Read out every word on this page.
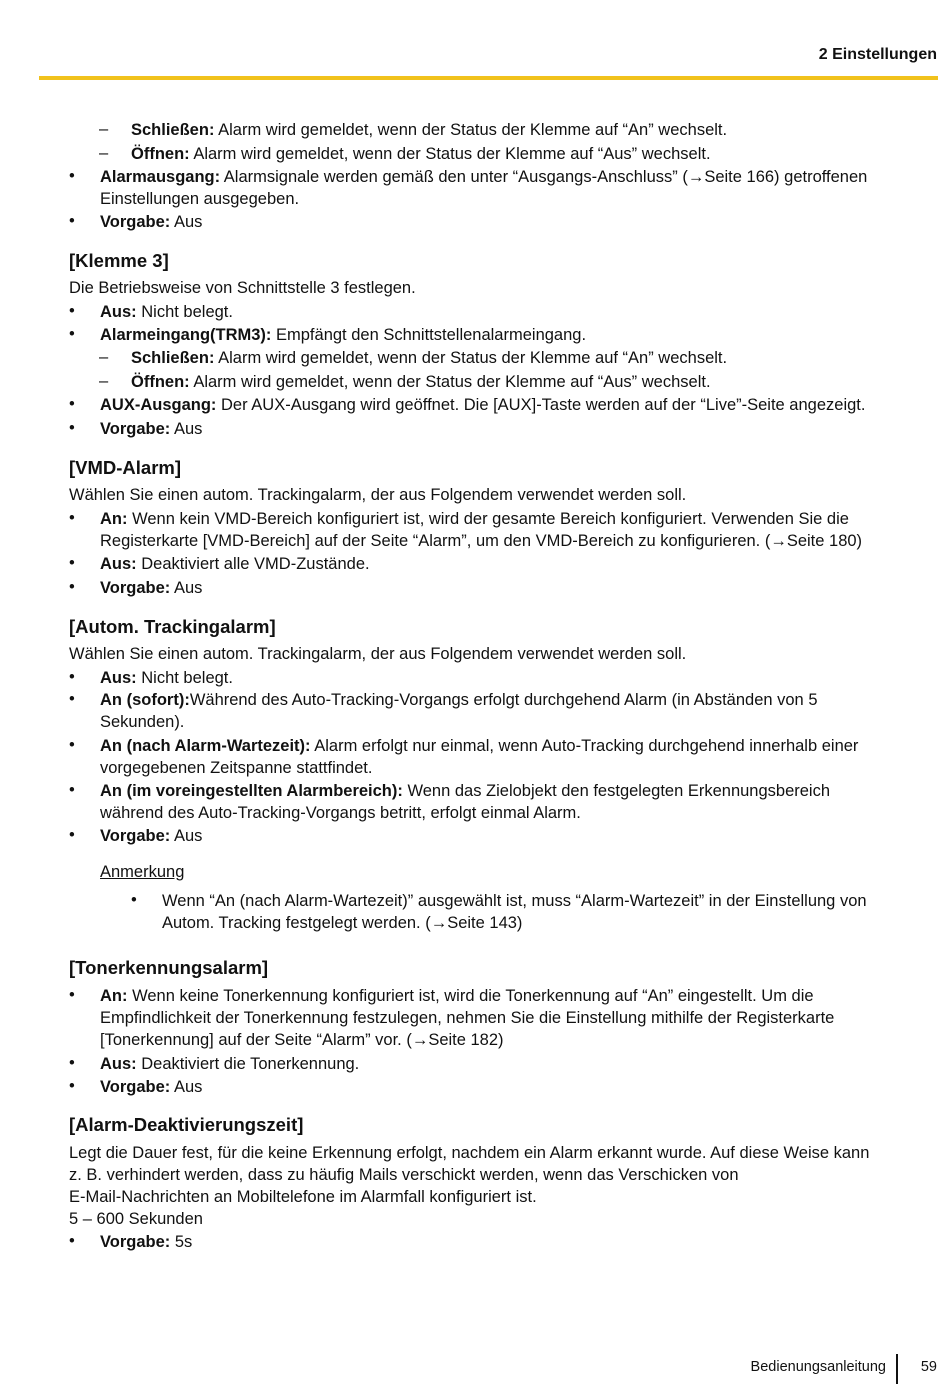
2 Einstellungen
– Schließen: Alarm wird gemeldet, wenn der Status der Klemme auf “An” wechselt.
– Öffnen: Alarm wird gemeldet, wenn der Status der Klemme auf “Aus” wechselt.
• Alarmausgang: Alarmsignale werden gemäß den unter “Ausgangs-Anschluss” (→Seite 166) getroffenen
Einstellungen ausgegeben.
• Vorgabe: Aus
Die Betriebsweise von Schnittstelle 3 festlegen.
• Aus: Nicht belegt.
• Alarmeingang(TRM3): Empfängt den Schnittstellenalarmeingang.
– Schließen: Alarm wird gemeldet, wenn der Status der Klemme auf “An” wechselt.
– Öffnen: Alarm wird gemeldet, wenn der Status der Klemme auf “Aus” wechselt.
• AUX-Ausgang: Der AUX-Ausgang wird geöffnet. Die [AUX]-Taste werden auf der “Live”-Seite angezeigt.
• Vorgabe: Aus
Wählen Sie einen autom. Trackingalarm, der aus Folgendem verwendet werden soll.
• An: Wenn kein VMD-Bereich konfiguriert ist, wird der gesamte Bereich konfiguriert. Verwenden Sie die
Registerkarte [VMD-Bereich] auf der Seite “Alarm”, um den VMD-Bereich zu konfigurieren. (→Seite 180)
• Aus: Deaktiviert alle VMD-Zustände.
• Vorgabe: Aus
Wählen Sie einen autom. Trackingalarm, der aus Folgendem verwendet werden soll.
• Aus: Nicht belegt.
• An (sofort):Während des Auto-Tracking-Vorgangs erfolgt durchgehend Alarm (in Abständen von 5
Sekunden).
• An (nach Alarm-Wartezeit): Alarm erfolgt nur einmal, wenn Auto-Tracking durchgehend innerhalb einer
vorgegebenen Zeitspanne stattfindet.
• An (im voreingestellten Alarmbereich): Wenn das Zielobjekt den festgelegten Erkennungsbereich
während des Auto-Tracking-Vorgangs betritt, erfolgt einmal Alarm.
• Vorgabe: Aus
• Wenn “An (nach Alarm-Wartezeit)” ausgewählt ist, muss “Alarm-Wartezeit” in der Einstellung von
Autom. Tracking festgelegt werden. (→Seite 143)
• An: Wenn keine Tonerkennung konfiguriert ist, wird die Tonerkennung auf “An” eingestellt. Um die
Empfindlichkeit der Tonerkennung festzulegen, nehmen Sie die Einstellung mithilfe der Registerkarte
[Tonerkennung] auf der Seite “Alarm” vor. (→Seite 182)
• Aus: Deaktiviert die Tonerkennung.
• Vorgabe: Aus
Legt die Dauer fest, für die keine Erkennung erfolgt, nachdem ein Alarm erkannt wurde. Auf diese Weise kann
z. B. verhindert werden, dass zu häufig Mails verschickt werden, wenn das Verschicken von
E-Mail-Nachrichten an Mobiltelefone im Alarmfall konfiguriert ist.
5 – 600 Sekunden
• Vorgabe: 5s
[Klemme 3]
[VMD-Alarm]
[Autom. Trackingalarm]
[Tonerkennungsalarm]
[Alarm-Deaktivierungszeit]
Anmerkung
Bedienungsanleitung 59
